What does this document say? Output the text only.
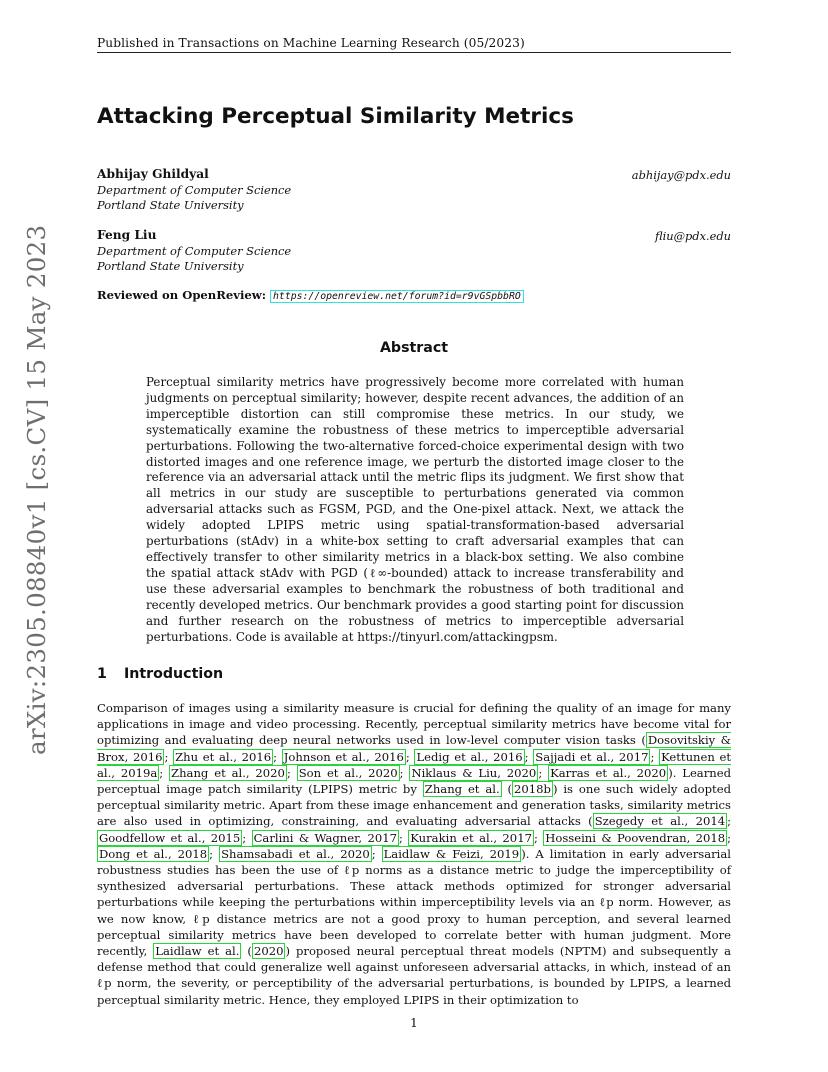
Published in Transactions on Machine Learning Research (05/2023)
arXiv:2305.08840v1 [cs.CV] 15 May 2023
Attacking Perceptual Similarity Metrics
Abhijay Ghildyal	abhijay@pdx.edu
Department of Computer Science
Portland State University
Feng Liu	fliu@pdx.edu
Department of Computer Science
Portland State University
Reviewed on OpenReview: https://openreview.net/forum?id=r9vGSpbbRO
Abstract
Perceptual similarity metrics have progressively become more correlated with human judgments on perceptual similarity; however, despite recent advances, the addition of an imperceptible distortion can still compromise these metrics. In our study, we systematically examine the robustness of these metrics to imperceptible adversarial perturbations. Following the two-alternative forced-choice experimental design with two distorted images and one reference image, we perturb the distorted image closer to the reference via an adversarial attack until the metric flips its judgment. We first show that all metrics in our study are susceptible to perturbations generated via common adversarial attacks such as FGSM, PGD, and the One-pixel attack. Next, we attack the widely adopted LPIPS metric using spatial-transformation-based adversarial perturbations (stAdv) in a white-box setting to craft adversarial examples that can effectively transfer to other similarity metrics in a black-box setting. We also combine the spatial attack stAdv with PGD (ℓ∞-bounded) attack to increase transferability and use these adversarial examples to benchmark the robustness of both traditional and recently developed metrics. Our benchmark provides a good starting point for discussion and further research on the robustness of metrics to imperceptible adversarial perturbations. Code is available at https://tinyurl.com/attackingpsm.
1 Introduction
Comparison of images using a similarity measure is crucial for defining the quality of an image for many applications in image and video processing. Recently, perceptual similarity metrics have become vital for optimizing and evaluating deep neural networks used in low-level computer vision tasks ( Dosovitskiy & Brox, 2016 ; Zhu et al., 2016 ; Johnson et al., 2016 ; Ledig et al., 2016 ; Sajjadi et al., 2017 ; Kettunen et al., 2019a ; Zhang et al., 2020 ; Son et al., 2020 ; Niklaus & Liu, 2020 ; Karras et al., 2020 ). Learned perceptual image patch similarity (LPIPS) metric by Zhang et al. ( 2018b ) is one such widely adopted perceptual similarity metric. Apart from these image enhancement and generation tasks, similarity metrics are also used in optimizing, constraining, and evaluating adversarial attacks ( Szegedy et al., 2014 ; Goodfellow et al., 2015 ; Carlini & Wagner, 2017 ; Kurakin et al., 2017 ; Hosseini & Poovendran, 2018 ; Dong et al., 2018 ; Shamsabadi et al., 2020 ; Laidlaw & Feizi, 2019 ). A limitation in early adversarial robustness studies has been the use of ℓp norms as a distance metric to judge the imperceptibility of synthesized adversarial perturbations. These attack methods optimized for stronger adversarial perturbations while keeping the perturbations within imperceptibility levels via an ℓp norm. However, as we now know, ℓp distance metrics are not a good proxy to human perception, and several learned perceptual similarity metrics have been developed to correlate better with human judgment. More recently, Laidlaw et al. ( 2020 ) proposed neural perceptual threat models (NPTM) and subsequently a defense method that could generalize well against unforeseen adversarial attacks, in which, instead of an ℓp norm, the severity, or perceptibility of the adversarial perturbations, is bounded by LPIPS, a learned perceptual similarity metric. Hence, they employed LPIPS in their optimization to
1
